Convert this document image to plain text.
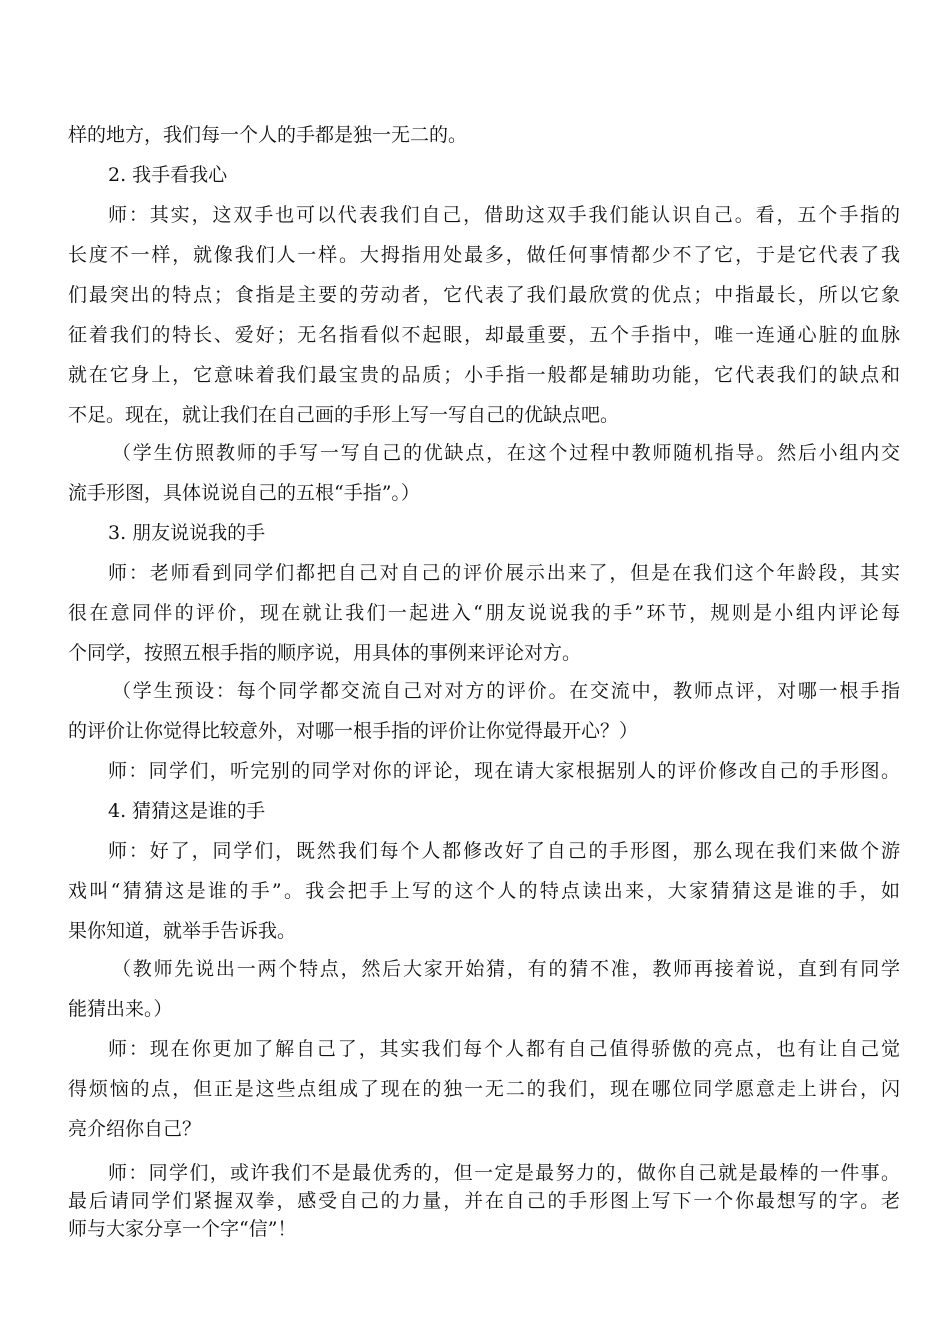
样的地方，我们每一个人的手都是独一无二的。
2. 我手看我心
师：其实，这双手也可以代表我们自己，借助这双手我们能认识自己。看，五个手指的
长度不一样，就像我们人一样。大拇指用处最多，做任何事情都少不了它，于是它代表了我
们最突出的特点；食指是主要的劳动者，它代表了我们最欣赏的优点；中指最长，所以它象
征着我们的特长、爱好；无名指看似不起眼，却最重要，五个手指中，唯一连通心脏的血脉
就在它身上，它意味着我们最宝贵的品质；小手指一般都是辅助功能，它代表我们的缺点和
不足。现在，就让我们在自己画的手形上写一写自己的优缺点吧。
（学生仿照教师的手写一写自己的优缺点，在这个过程中教师随机指导。然后小组内交
流手形图，具体说说自己的五根“手指”。）
3. 朋友说说我的手
师：老师看到同学们都把自己对自己的评价展示出来了，但是在我们这个年龄段，其实
很在意同伴的评价，现在就让我们一起进入“朋友说说我的手”环节，规则是小组内评论每
个同学，按照五根手指的顺序说，用具体的事例来评论对方。
（学生预设：每个同学都交流自己对对方的评价。在交流中，教师点评，对哪一根手指
的评价让你觉得比较意外，对哪一根手指的评价让你觉得最开心？）
师：同学们，听完别的同学对你的评论，现在请大家根据别人的评价修改自己的手形图。
4. 猜猜这是谁的手
师：好了，同学们，既然我们每个人都修改好了自己的手形图，那么现在我们来做个游
戏叫“猜猜这是谁的手”。我会把手上写的这个人的特点读出来，大家猜猜这是谁的手，如
果你知道，就举手告诉我。
（教师先说出一两个特点，然后大家开始猜，有的猜不准，教师再接着说，直到有同学
能猜出来。）
师：现在你更加了解自己了，其实我们每个人都有自己值得骄傲的亮点，也有让自己觉
得烦恼的点，但正是这些点组成了现在的独一无二的我们，现在哪位同学愿意走上讲台，闪
亮介绍你自己？
师：同学们，或许我们不是最优秀的，但一定是最努力的，做你自己就是最棒的一件事。
最后请同学们紧握双拳，感受自己的力量，并在自己的手形图上写下一个你最想写的字。老
师与大家分享一个字“信”！
